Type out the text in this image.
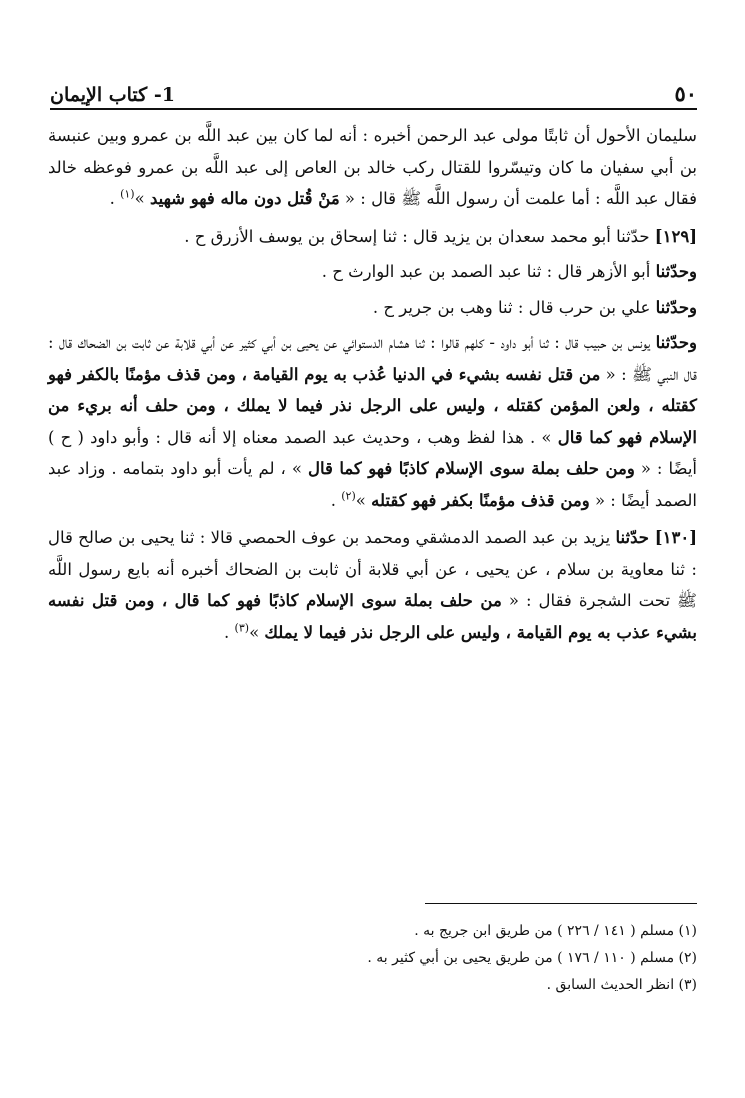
٥٠
1- كتاب الإيمان

سليمان الأحول أن ثابتًا مولى عبد الرحمن أخبره : أنه لما كان بين عبد اللَّه بن عمرو وبين عنبسة بن أبي سفيان ما كان وتيسّروا للقتال ركب خالد بن العاص إلى عبد اللَّه بن عمرو فوعظه خالد فقال عبد اللَّه : أما علمت أن رسول اللَّه ﷺ قال : « مَنْ قُتل دون ماله فهو شهيد »$^{(١)}$ .

[١٢٩] حدّثنا أبو محمد سعدان بن يزيد قال : ثنا إسحاق بن يوسف الأزرق ح .

وحدّثنا أبو الأزهر قال : ثنا عبد الصمد بن عبد الوارث ح .

وحدّثنا علي بن حرب قال : ثنا وهب بن جرير ح .

وحدّثنا يونس بن حبيب قال : ثنا أبو داود - كلهم قالوا : ثنا هشام الدستوائي عن يحيى بن أبي كثير عن أبي قلابة عن ثابت بن الضحاك قال : قال النبي ﷺ : « من قتل نفسه بشيء في الدنيا عُذب به يوم القيامة ، ومن قذف مؤمنًا بالكفر فهو كقتله ، ولعن المؤمن كقتله ، وليس على الرجل نذر فيما لا يملك ، ومن حلف أنه بريء من الإسلام فهو كما قال » . هذا لفظ وهب ، وحديث عبد الصمد معناه إلا أنه قال : وأبو داود ( ح ) أيضًا : « ومن حلف بملة سوى الإسلام كاذبًا فهو كما قال » ، لم يأت أبو داود بتمامه . وزاد عبد الصمد أيضًا : « ومن قذف مؤمنًا بكفر فهو كقتله »$^{(٢)}$ .

[١٣٠] حدّثنا يزيد بن عبد الصمد الدمشقي ومحمد بن عوف الحمصي قالا : ثنا يحيى بن صالح قال : ثنا معاوية بن سلام ، عن يحيى ، عن أبي قلابة أن ثابت بن الضحاك أخبره أنه بايع رسول اللَّه ﷺ تحت الشجرة فقال : « من حلف بملة سوى الإسلام كاذبًا فهو كما قال ، ومن قتل نفسه بشيء عذب به يوم القيامة ، وليس على الرجل نذر فيما لا يملك »$^{(٣)}$ .

(١) مسلم ( ١٤١ / ٢٢٦ ) من طريق ابن جريج به .
(٢) مسلم ( ١١٠ / ١٧٦ ) من طريق يحيى بن أبي كثير به .
(٣) انظر الحديث السابق .
